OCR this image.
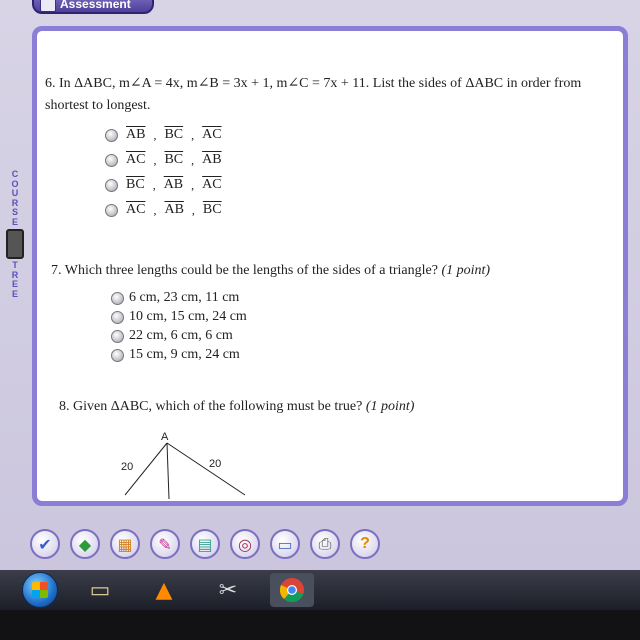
Assessment
C
O
U
R
S
E
T
R
E
E
6. In ΔABC, m∠A = 4x, m∠B = 3x + 1, m∠C = 7x + 11. List the sides of ΔABC in order from shortest to longest.
$\overline{AB}$ , $\overline{BC}$ , $\overline{AC}$
$\overline{AC}$ , $\overline{BC}$ , $\overline{AB}$
$\overline{BC}$ , $\overline{AB}$ , $\overline{AC}$
$\overline{AC}$ , $\overline{AB}$ , $\overline{BC}$
7. Which three lengths could be the lengths of the sides of a triangle? (1 point)
6 cm, 23 cm, 11 cm
10 cm, 15 cm, 24 cm
22 cm, 6 cm, 6 cm
15 cm, 9 cm, 24 cm
8. Given ΔABC, which of the following must be true? (1 point)
A
20	20
✔	◆	▦	✎	▤	◎	▭	⎙	?
▭	▲	✂
